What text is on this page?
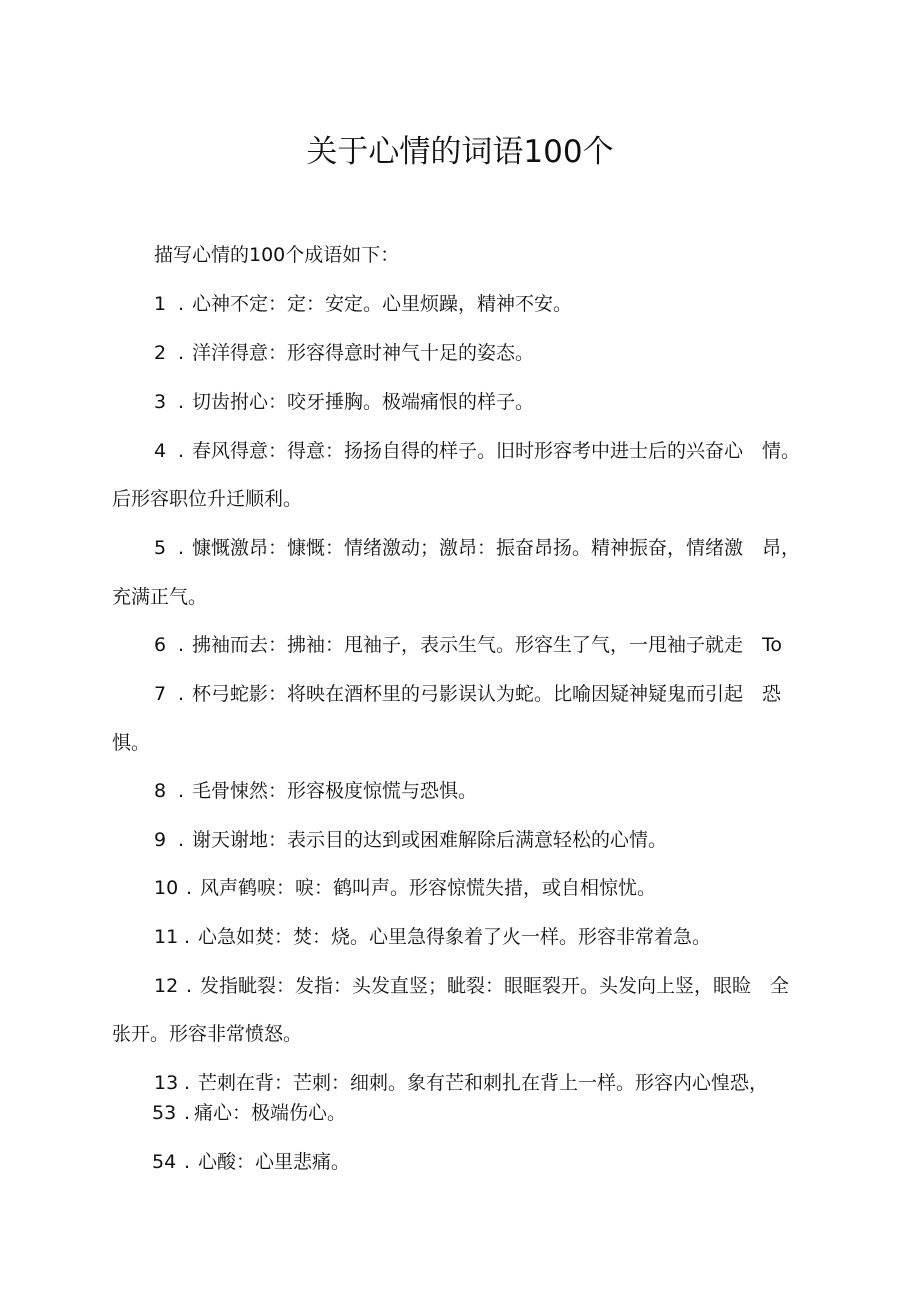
关于心情的词语100个
描写心情的100个成语如下：
1 . 心神不定：定：安定。心里烦躁，精神不安。
2 . 洋洋得意：形容得意时神气十足的姿态。
3 . 切齿拊心：咬牙捶胸。极端痛恨的样子。
4 . 春风得意：得意：扬扬自得的样子。旧时形容考中进士后的兴奋心　情。
后形容职位升迁顺利。
5 . 慷慨激昂：慷慨：情绪激动；激昂：振奋昂扬。精神振奋，情绪激　昂，
充满正气。
6 . 拂袖而去：拂袖：甩袖子，表示生气。形容生了气，一甩袖子就走　To
7 . 杯弓蛇影：将映在酒杯里的弓影误认为蛇。比喻因疑神疑鬼而引起　恐
惧。
8 . 毛骨悚然：形容极度惊慌与恐惧。
9 . 谢天谢地：表示目的达到或困难解除后满意轻松的心情。
10 . 风声鹤唳：唳：鹤叫声。形容惊慌失措，或自相惊忧。
11 . 心急如焚：焚：烧。心里急得象着了火一样。形容非常着急。
12 . 发指眦裂：发指：头发直竖；眦裂：眼眶裂开。头发向上竖，眼睑　全
张开。形容非常愤怒。
13 . 芒刺在背：芒刺：细刺。象有芒和刺扎在背上一样。形容内心惶恐，
53 . 痛心：极端伤心。
54 . 心酸：心里悲痛。
